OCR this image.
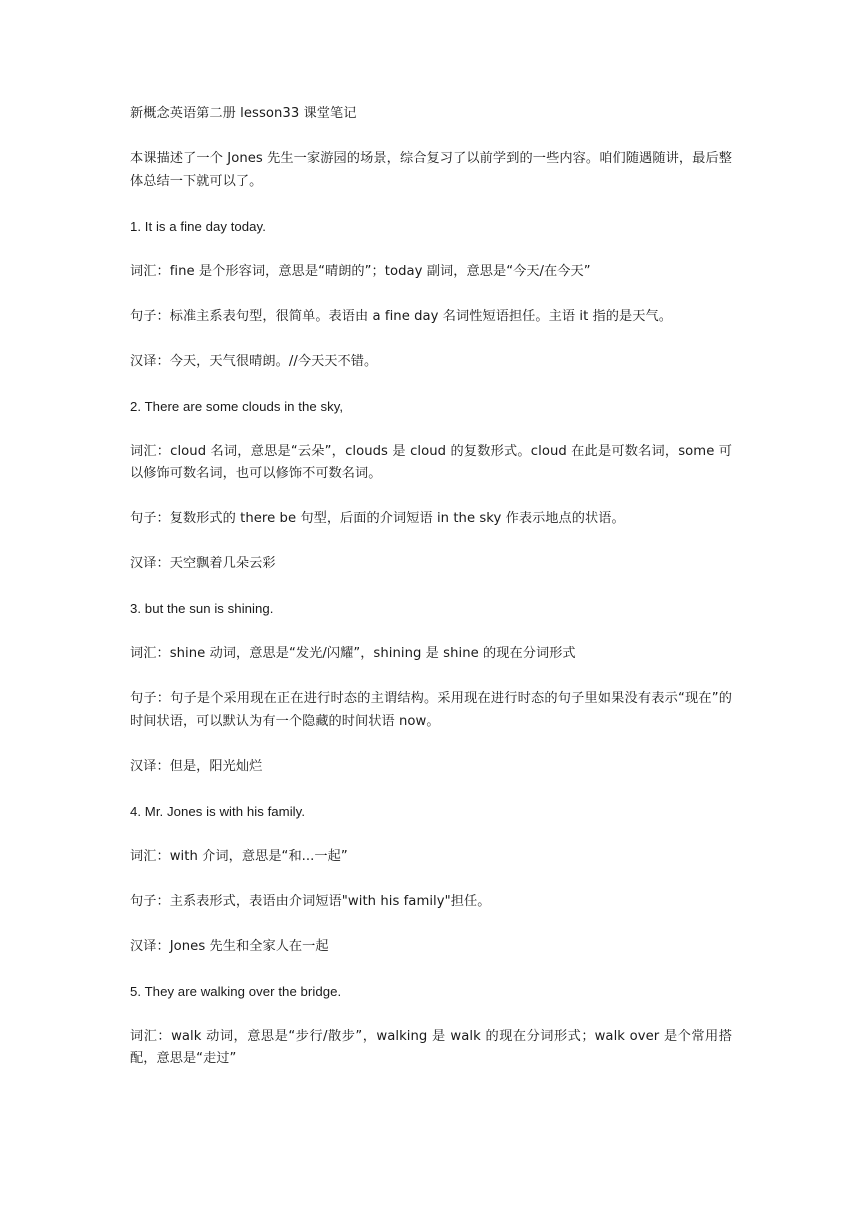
新概念英语第二册 lesson33 课堂笔记

本课描述了一个 Jones 先生一家游园的场景，综合复习了以前学到的一些内容。咱们随遇随讲，最后整体总结一下就可以了。

1. It is a fine day today.

词汇：fine 是个形容词，意思是“晴朗的”；today 副词，意思是“今天/在今天”

句子：标准主系表句型，很简单。表语由 a fine day 名词性短语担任。主语 it 指的是天气。

汉译：今天，天气很晴朗。//今天天不错。

2. There are some clouds in the sky,

词汇：cloud 名词，意思是“云朵”，clouds 是 cloud 的复数形式。cloud 在此是可数名词，some 可以修饰可数名词，也可以修饰不可数名词。

句子：复数形式的 there be 句型，后面的介词短语 in the sky 作表示地点的状语。

汉译：天空飘着几朵云彩

3. but the sun is shining.

词汇：shine 动词，意思是“发光/闪耀”，shining 是 shine 的现在分词形式

句子：句子是个采用现在正在进行时态的主谓结构。采用现在进行时态的句子里如果没有表示“现在”的时间状语，可以默认为有一个隐藏的时间状语 now。

汉译：但是，阳光灿烂

4. Mr. Jones is with his family.

词汇：with 介词，意思是“和...一起”

句子：主系表形式，表语由介词短语"with his family"担任。

汉译：Jones 先生和全家人在一起

5. They are walking over the bridge.

词汇：walk 动词，意思是“步行/散步”，walking 是 walk 的现在分词形式；walk over 是个常用搭配，意思是“走过”
